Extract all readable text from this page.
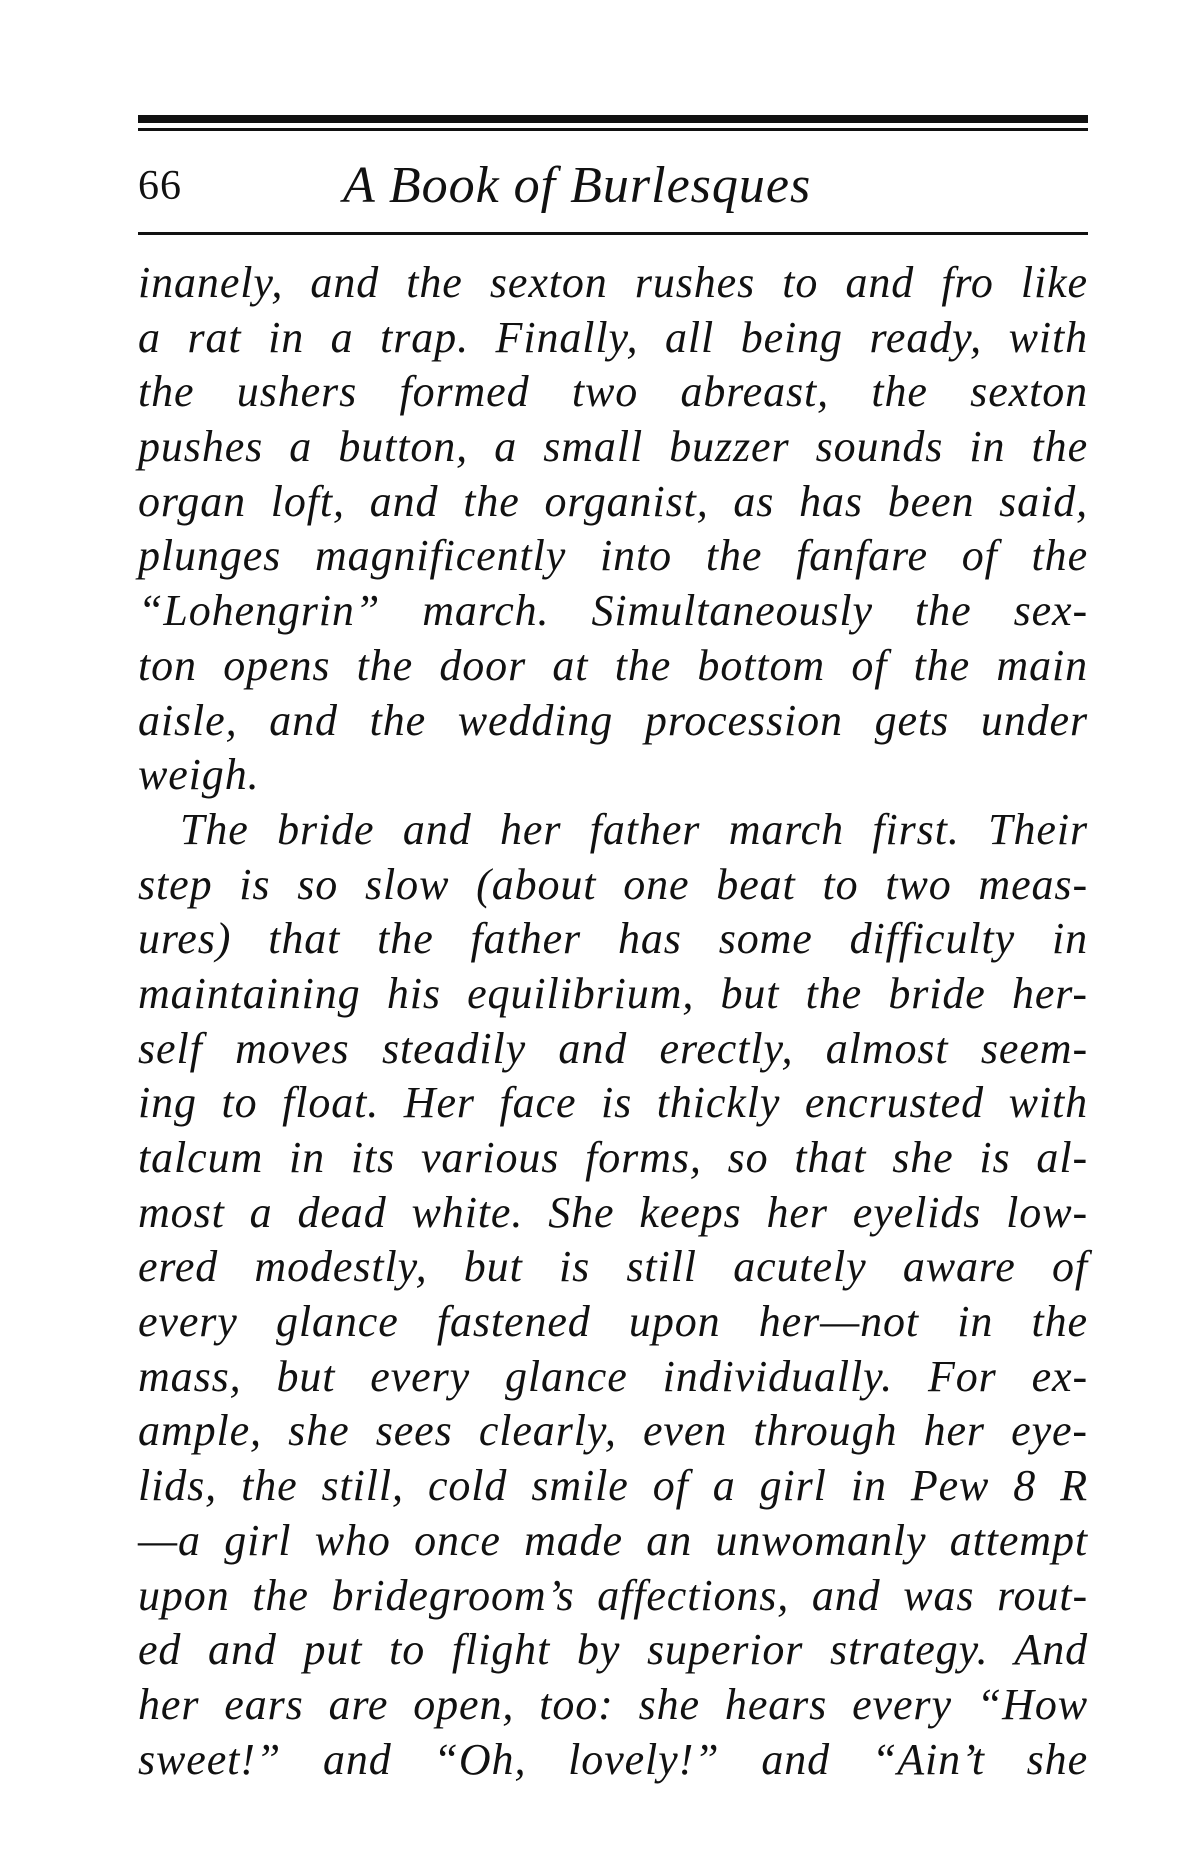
66	A Book of Burlesques
inanely, and the sexton rushes to and fro like
a rat in a trap. Finally, all being ready, with
the ushers formed two abreast, the sexton
pushes a button, a small buzzer sounds in the
organ loft, and the organist, as has been said,
plunges magnificently into the fanfare of the
“Lohengrin” march. Simultaneously the sex-
ton opens the door at the bottom of the main
aisle, and the wedding procession gets under
weigh.
The bride and her father march first. Their
step is so slow (about one beat to two meas-
ures) that the father has some difficulty in
maintaining his equilibrium, but the bride her-
self moves steadily and erectly, almost seem-
ing to float. Her face is thickly encrusted with
talcum in its various forms, so that she is al-
most a dead white. She keeps her eyelids low-
ered modestly, but is still acutely aware of
every glance fastened upon her—not in the
mass, but every glance individually. For ex-
ample, she sees clearly, even through her eye-
lids, the still, cold smile of a girl in Pew 8 R
—a girl who once made an unwomanly attempt
upon the bridegroom’s affections, and was rout-
ed and put to flight by superior strategy. And
her ears are open, too: she hears every “How
sweet!” and “Oh, lovely!” and “Ain’t she
